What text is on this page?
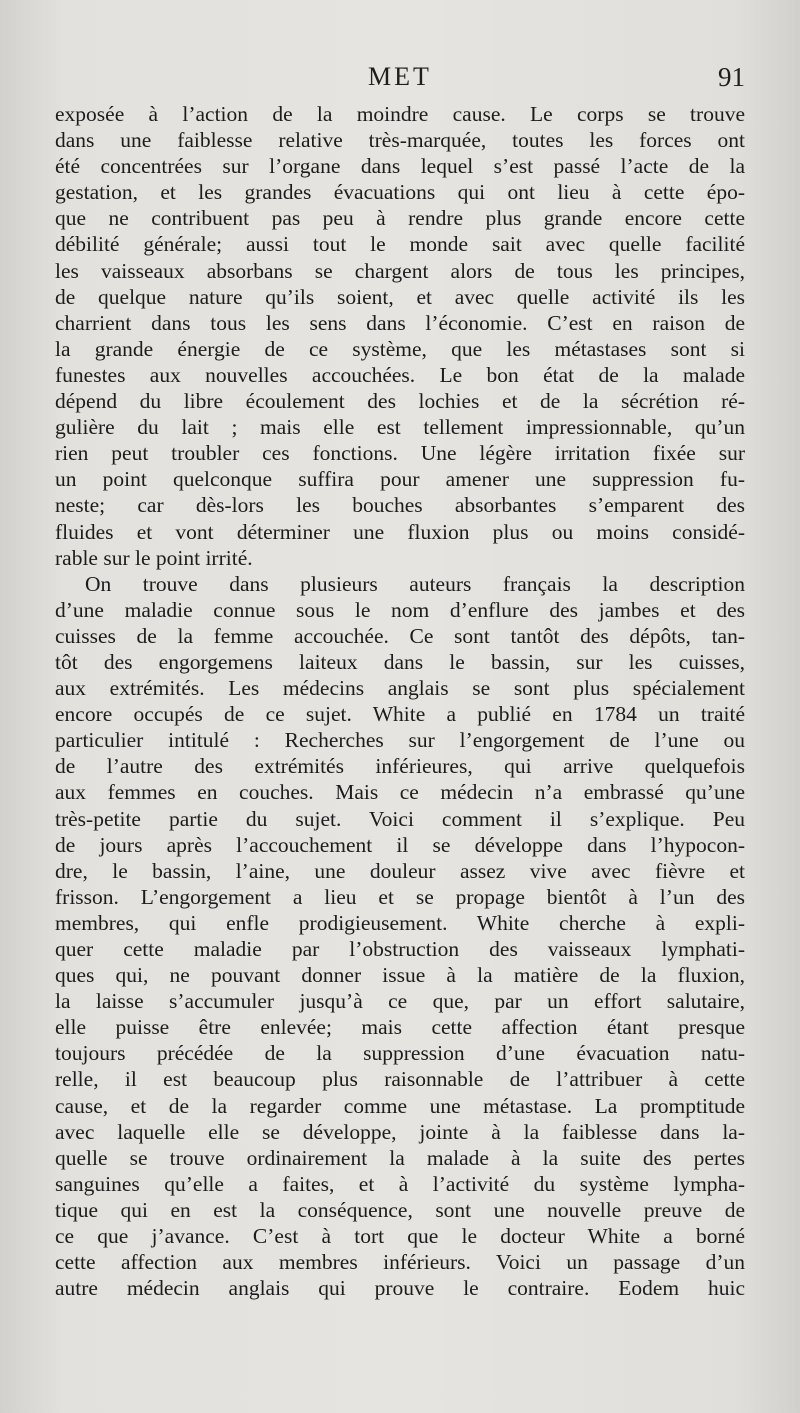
MET	91
exposée à l’action de la moindre cause. Le corps se trouve
dans une faiblesse relative très-marquée, toutes les forces ont
été concentrées sur l’organe dans lequel s’est passé l’acte de la
gestation, et les grandes évacuations qui ont lieu à cette épo-
que ne contribuent pas peu à rendre plus grande encore cette
débilité générale; aussi tout le monde sait avec quelle facilité
les vaisseaux absorbans se chargent alors de tous les principes,
de quelque nature qu’ils soient, et avec quelle activité ils les
charrient dans tous les sens dans l’économie. C’est en raison de
la grande énergie de ce système, que les métastases sont si
funestes aux nouvelles accouchées. Le bon état de la malade
dépend du libre écoulement des lochies et de la sécrétion ré-
gulière du lait ; mais elle est tellement impressionnable, qu’un
rien peut troubler ces fonctions. Une légère irritation fixée sur
un point quelconque suffira pour amener une suppression fu-
neste; car dès-lors les bouches absorbantes s’emparent des
fluides et vont déterminer une fluxion plus ou moins considé-
rable sur le point irrité.
On trouve dans plusieurs auteurs français la description
d’une maladie connue sous le nom d’enflure des jambes et des
cuisses de la femme accouchée. Ce sont tantôt des dépôts, tan-
tôt des engorgemens laiteux dans le bassin, sur les cuisses,
aux extrémités. Les médecins anglais se sont plus spécialement
encore occupés de ce sujet. White a publié en 1784 un traité
particulier intitulé : Recherches sur l’engorgement de l’une ou
de l’autre des extrémités inférieures, qui arrive quelquefois
aux femmes en couches. Mais ce médecin n’a embrassé qu’une
très-petite partie du sujet. Voici comment il s’explique. Peu
de jours après l’accouchement il se développe dans l’hypocon-
dre, le bassin, l’aine, une douleur assez vive avec fièvre et
frisson. L’engorgement a lieu et se propage bientôt à l’un des
membres, qui enfle prodigieusement. White cherche à expli-
quer cette maladie par l’obstruction des vaisseaux lymphati-
ques qui, ne pouvant donner issue à la matière de la fluxion,
la laisse s’accumuler jusqu’à ce que, par un effort salutaire,
elle puisse être enlevée; mais cette affection étant presque
toujours précédée de la suppression d’une évacuation natu-
relle, il est beaucoup plus raisonnable de l’attribuer à cette
cause, et de la regarder comme une métastase. La promptitude
avec laquelle elle se développe, jointe à la faiblesse dans la-
quelle se trouve ordinairement la malade à la suite des pertes
sanguines qu’elle a faites, et à l’activité du système lympha-
tique qui en est la conséquence, sont une nouvelle preuve de
ce que j’avance. C’est à tort que le docteur White a borné
cette affection aux membres inférieurs. Voici un passage d’un
autre médecin anglais qui prouve le contraire. Eodem huic
